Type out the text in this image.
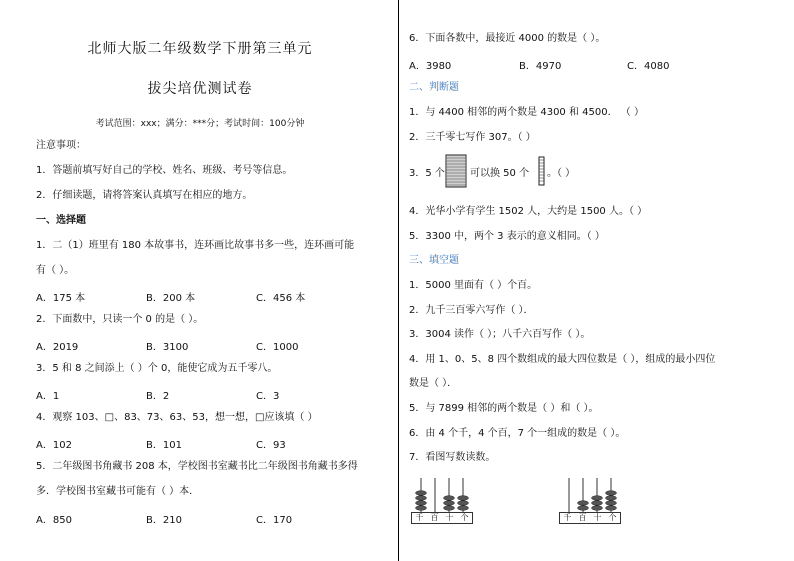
北师大版二年级数学下册第三单元
拔尖培优测试卷
考试范围：xxx；满分：***分；考试时间：100分钟
注意事项：
1．答题前填写好自己的学校、姓名、班级、考号等信息。
2．仔细读题，请将答案认真填写在相应的地方。
一、选择题
1．二（1）班里有 180 本故事书，连环画比故事书多一些，连环画可能
有（ ）。
A．175 本	B．200 本	C．456 本
2．下面数中，只读一个 0 的是（ ）。
A．2019	B．3100	C．1000
3．5 和 8 之间添上（ ）个 0，能使它成为五千零八。
A．1	B．2	C．3
4．观察 103、□、83、73、63、53，想一想，□应该填（ ）
A．102	B．101	C．93
5．二年级图书角藏书 208 本，学校图书室藏书比二年级图书角藏书多得
多．学校图书室藏书可能有（ ）本．
A．850	B．210	C．170
6．下面各数中，最接近 4000 的数是（ ）。
A．3980	B．4970	C．4080
二、判断题
1．与 4400 相邻的两个数是 4300 和 4500． （ ）
2．三千零七写作 307。（ ）
3．5 个	可以换 50 个 。（ ）
4．光华小学有学生 1502 人，大约是 1500 人。（ ）
5．3300 中，两个 3 表示的意义相同。（ ）
三、填空题
1．5000 里面有（ ）个百。
2．九千三百零六写作（ ）．
3．3004 读作（ ）；八千六百写作（ ）。
4．用 1、0、5、8 四个数组成的最大四位数是（ ），组成的最小四位
数是（ ）．
5．与 7899 相邻的两个数是（ ）和（ ）。
6．由 4 个千，4 个百，7 个一组成的数是（ ）。
7．看图写数读数。
千 百 十 个	千 百 十 个
